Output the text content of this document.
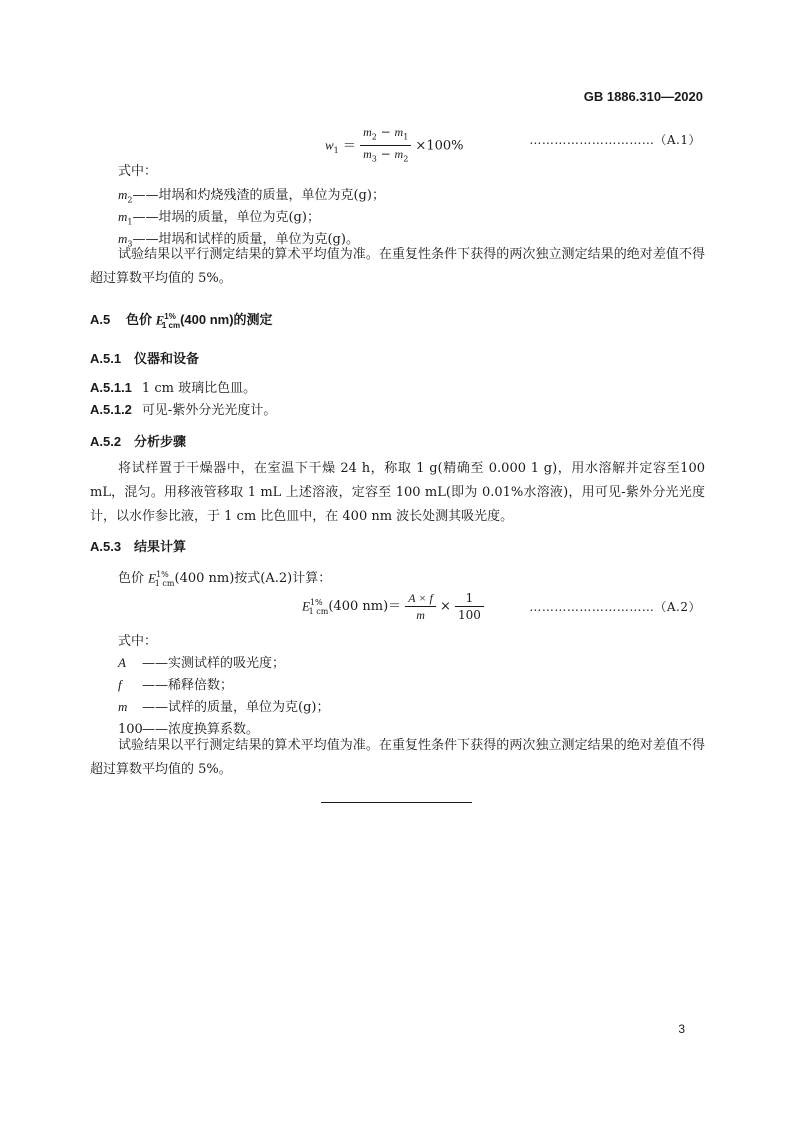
GB 1886.310—2020
$w_1 = \frac{m_2 - m_1}{m_3 - m_2} \times 100\%$	…………………………（A.1）
式中：
$m_2——$坩埚和灼烧残渣的质量，单位为克(g)；
$m_1——$坩埚的质量，单位为克(g)；
$m_3——$坩埚和试样的质量，单位为克(g)。
试验结果以平行测定结果的算术平均值为准。在重复性条件下获得的两次独立测定结果的绝对差值不得超过算数平均值的 5%。
A.5 色价 $E^{1\%}_{1 cm}(400$ nm)的测定
A.5.1 仪器和设备
A.5.1.1 1 cm 玻璃比色皿。
A.5.1.2 可见-紫外分光光度计。
A.5.2 分析步骤
将试样置于干燥器中，在室温下干燥 24 h，称取 1 g(精确至 0.000 1 g)，用水溶解并定容至100 mL，混匀。用移液管移取 1 mL 上述溶液，定容至 100 mL(即为 0.01%水溶液)，用可见-紫外分光光度计，以水作参比液，于 1 cm 比色皿中，在 400 nm 波长处测其吸光度。
A.5.3 结果计算
色价 $E^{1\%}_{1 cm}(400$ nm)按式(A.2)计算：
$E^{1\%}_{1 cm}(400$ $nm)= \frac{A \times f}{m} \times \frac{1}{100}$	…………………………（A.2）
式中：
A ——实测试样的吸光度；
f ——稀释倍数；
m ——试样的质量，单位为克(g)；
100——浓度换算系数。
试验结果以平行测定结果的算术平均值为准。在重复性条件下获得的两次独立测定结果的绝对差值不得超过算数平均值的 5%。
3
